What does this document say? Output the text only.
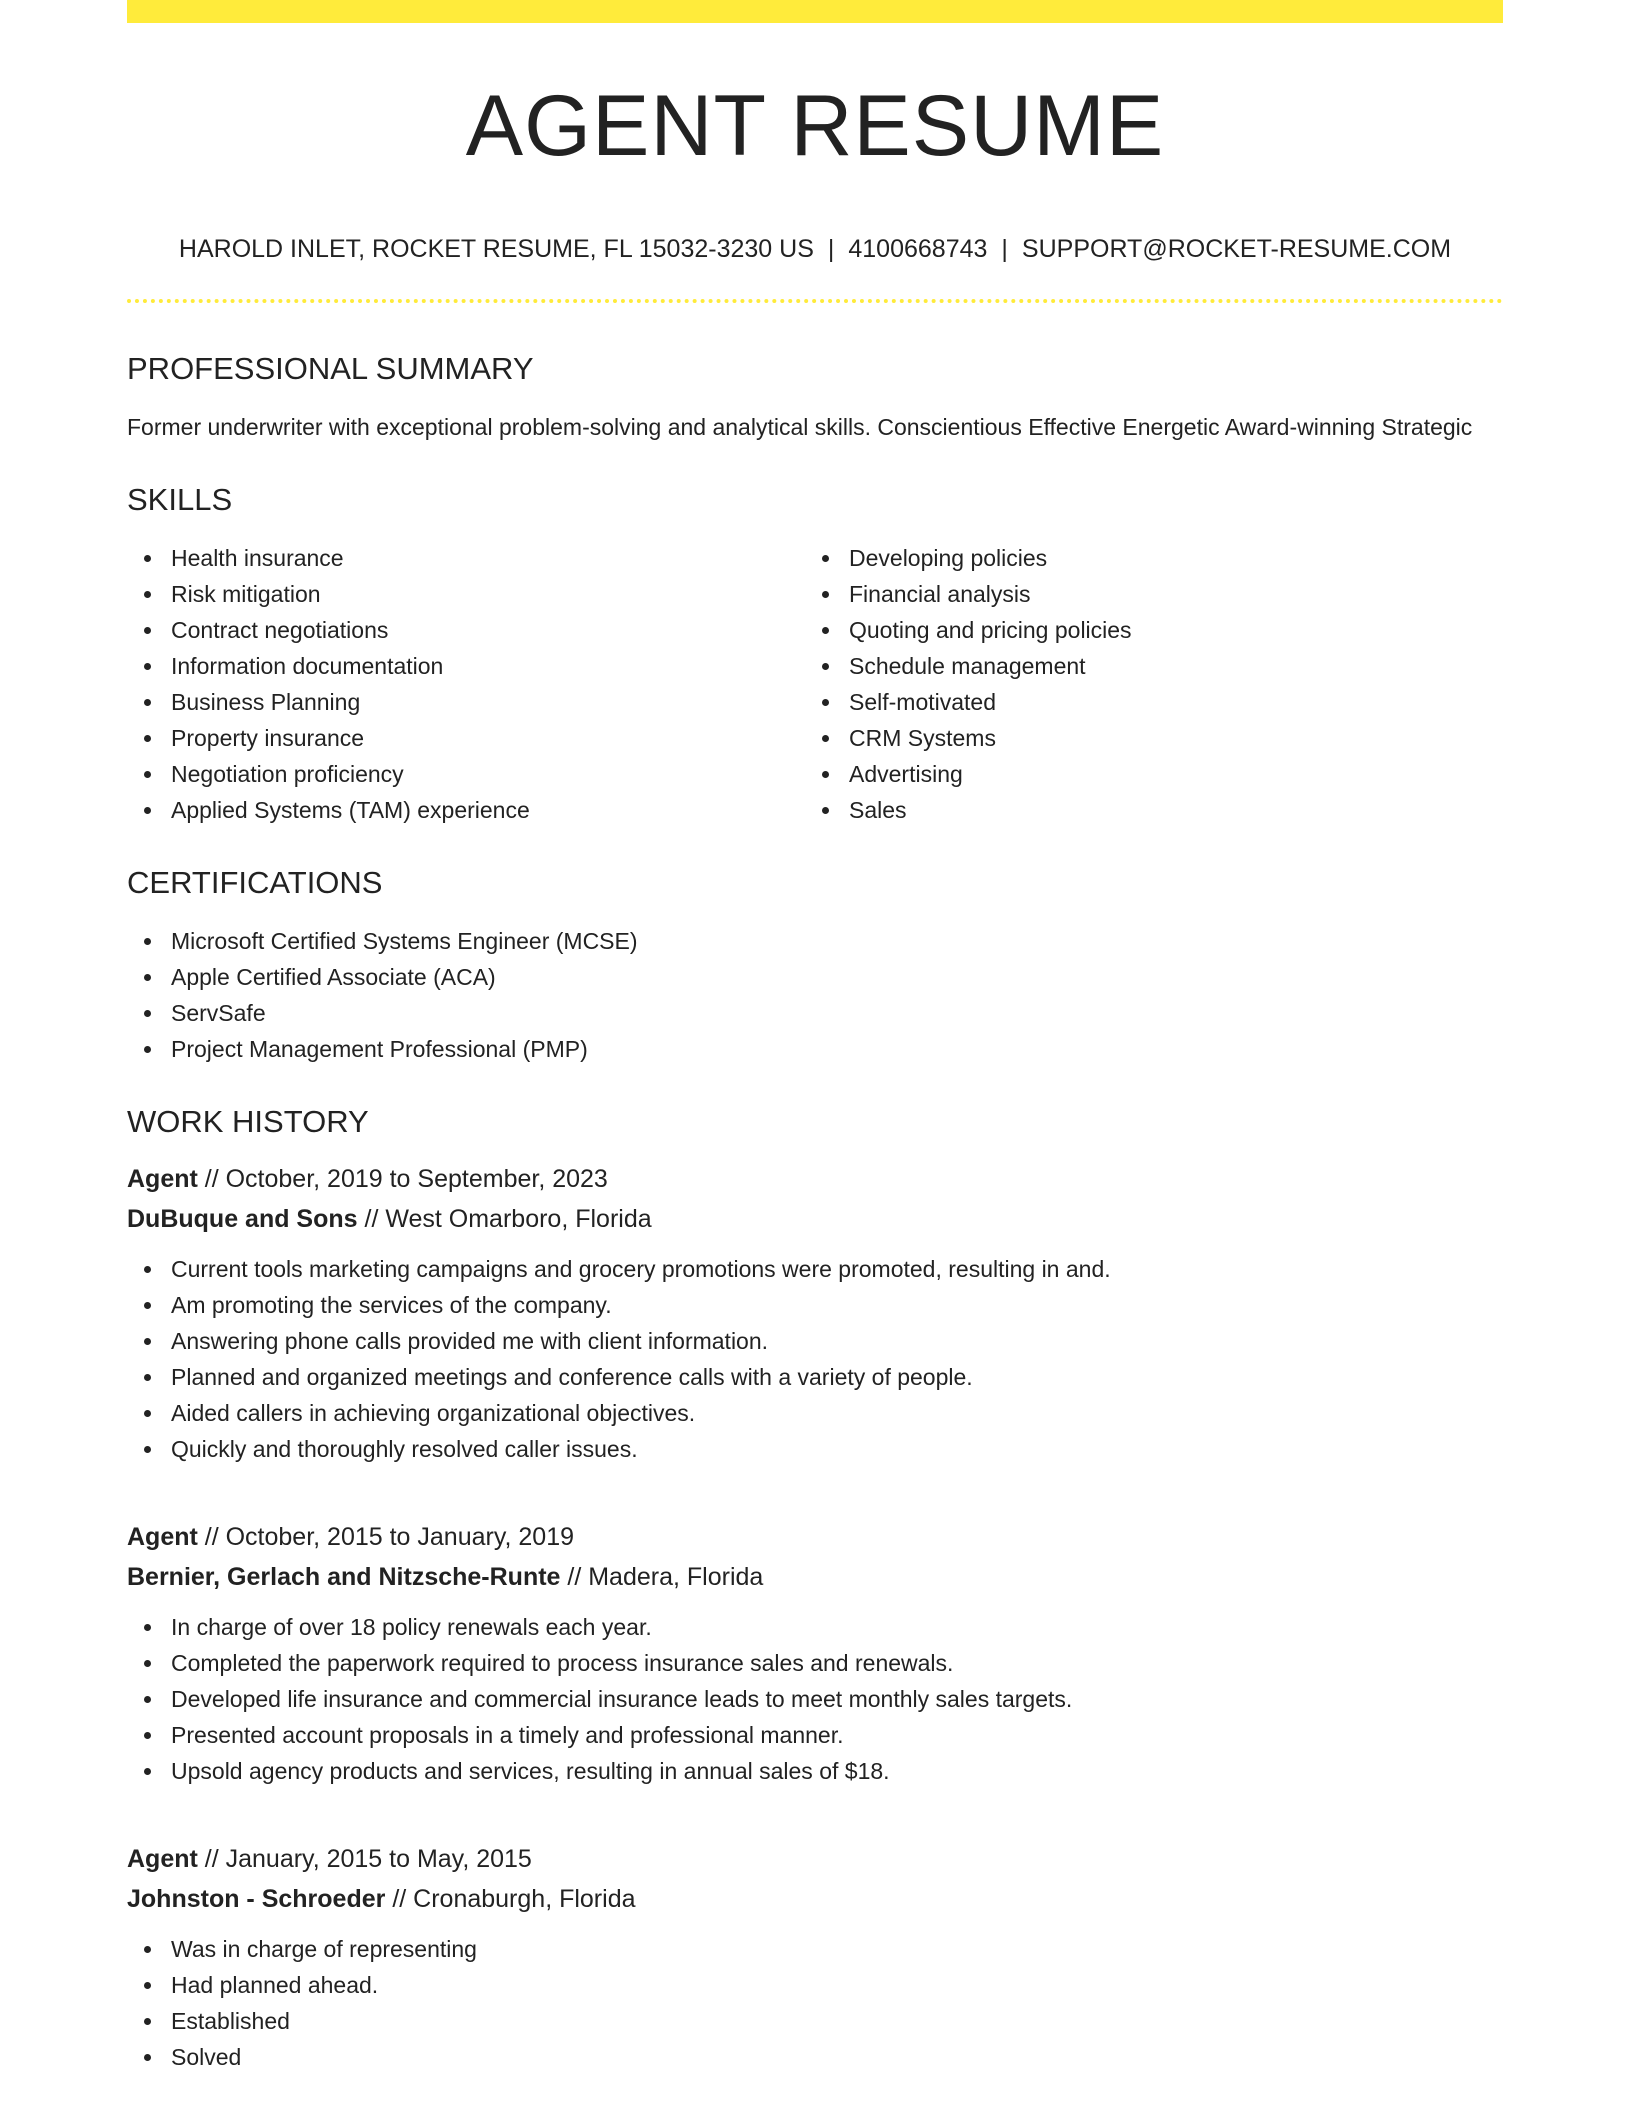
AGENT RESUME
HAROLD INLET, ROCKET RESUME, FL 15032-3230 US | 4100668743 | SUPPORT@ROCKET-RESUME.COM
PROFESSIONAL SUMMARY

Former underwriter with exceptional problem-solving and analytical skills. Conscientious Effective Energetic Award-winning Strategic

SKILLS
Health insurance
Risk mitigation
Contract negotiations
Information documentation
Business Planning
Property insurance
Negotiation proficiency
Applied Systems (TAM) experience
Developing policies
Financial analysis
Quoting and pricing policies
Schedule management
Self-motivated
CRM Systems
Advertising
Sales
CERTIFICATIONS
Microsoft Certified Systems Engineer (MCSE)
Apple Certified Associate (ACA)
ServSafe
Project Management Professional (PMP)
WORK HISTORY

Agent // October, 2019 to September, 2023

DuBuque and Sons // West Omarboro, Florida

Current tools marketing campaigns and grocery promotions were promoted, resulting in and.
Am promoting the services of the company.
Answering phone calls provided me with client information.
Planned and organized meetings and conference calls with a variety of people.
Aided callers in achieving organizational objectives.
Quickly and thoroughly resolved caller issues.

Agent // October, 2015 to January, 2019

Bernier, Gerlach and Nitzsche-Runte // Madera, Florida

In charge of over 18 policy renewals each year.
Completed the paperwork required to process insurance sales and renewals.
Developed life insurance and commercial insurance leads to meet monthly sales targets.
Presented account proposals in a timely and professional manner.
Upsold agency products and services, resulting in annual sales of $18.

Agent // January, 2015 to May, 2015

Johnston - Schroeder // Cronaburgh, Florida

Was in charge of representing
Had planned ahead.
Established
Solved
